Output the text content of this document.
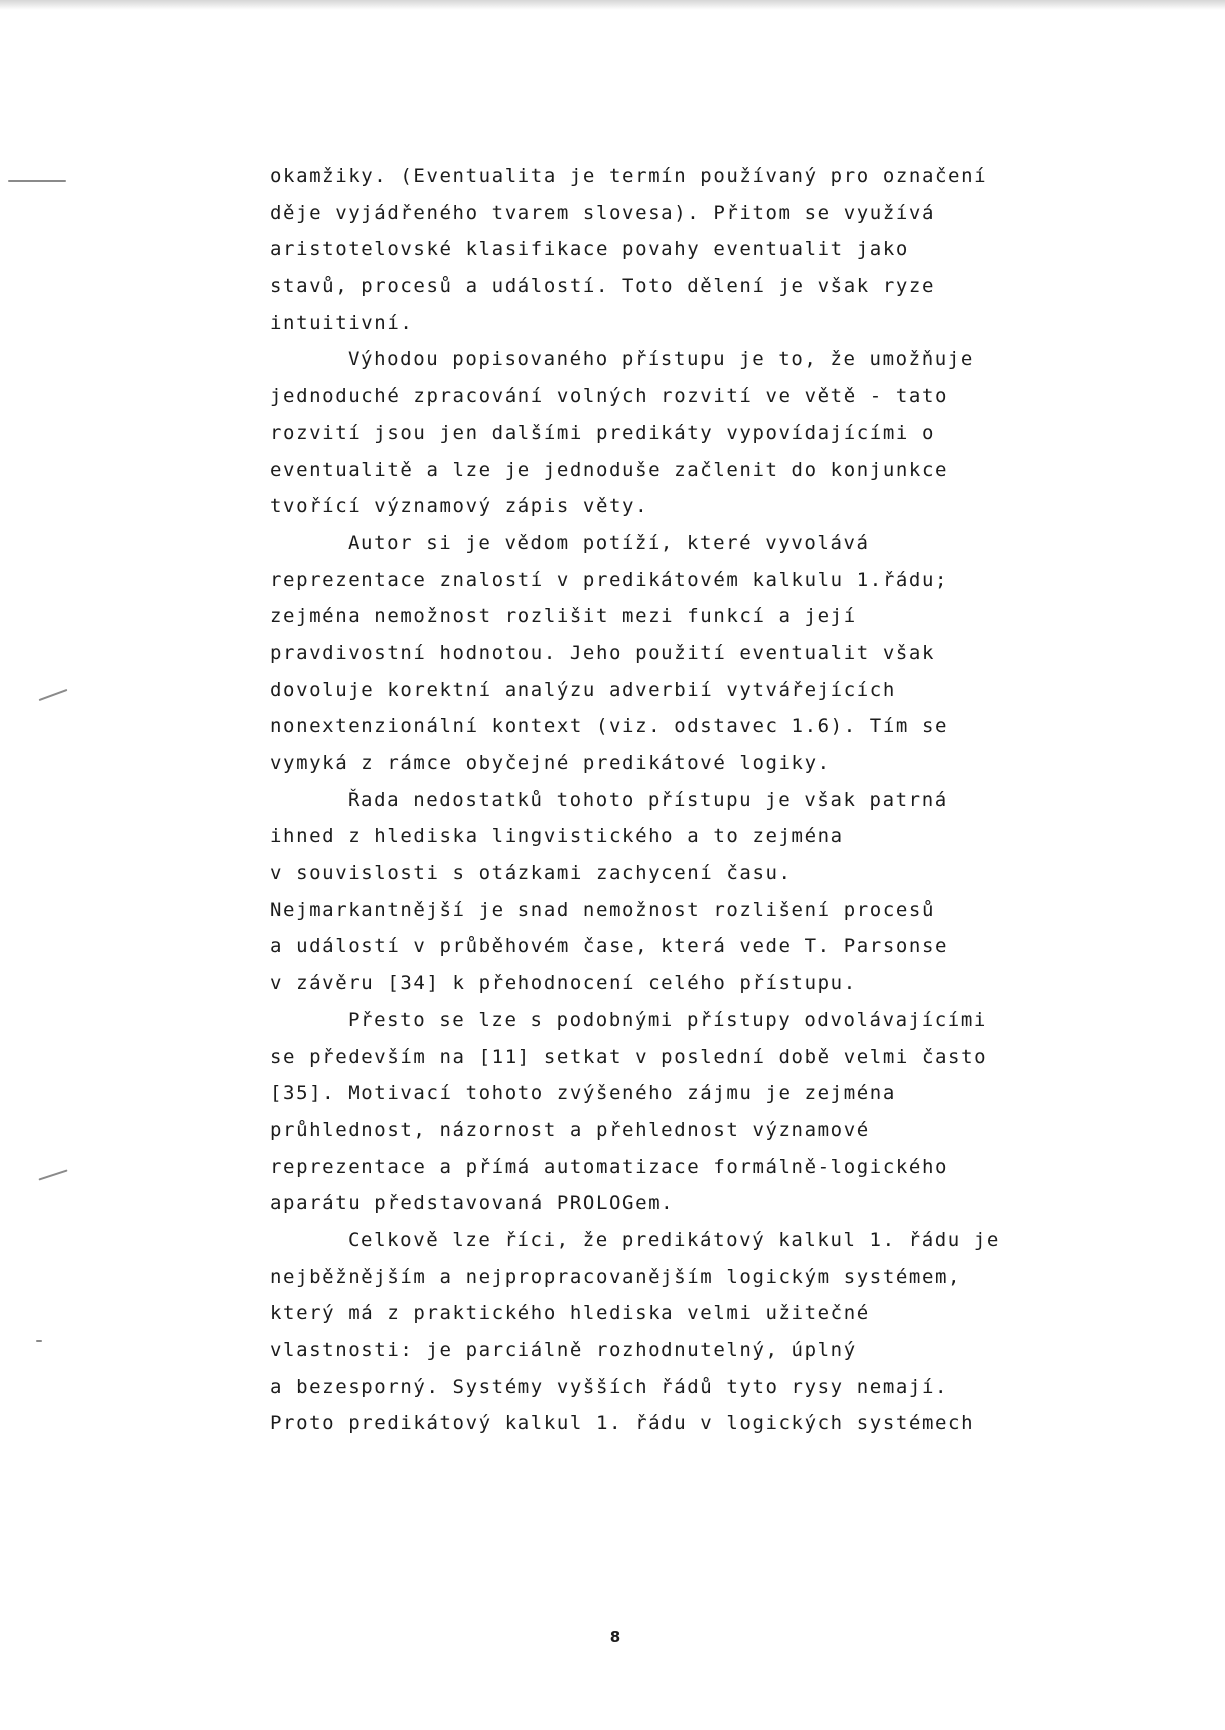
okamžiky. (Eventualita je termín používaný pro označení
děje vyjádřeného tvarem slovesa). Přitom se využívá
aristotelovské klasifikace povahy eventualit jako
stavů, procesů a událostí. Toto dělení je však ryze
intuitivní.
Výhodou popisovaného přístupu je to, že umožňuje
jednoduché zpracování volných rozvití ve větě - tato
rozvití jsou jen dalšími predikáty vypovídajícími o
eventualitě a lze je jednoduše začlenit do konjunkce
tvořící významový zápis věty.
Autor si je vědom potíží, které vyvolává
reprezentace znalostí v predikátovém kalkulu 1.řádu;
zejména nemožnost rozlišit mezi funkcí a její
pravdivostní hodnotou. Jeho použití eventualit však
dovoluje korektní analýzu adverbií vytvářejících
nonextenzionální kontext (viz. odstavec 1.6). Tím se
vymyká z rámce obyčejné predikátové logiky.
Řada nedostatků tohoto přístupu je však patrná
ihned z hlediska lingvistického a to zejména
v souvislosti s otázkami zachycení času.
Nejmarkantnější je snad nemožnost rozlišení procesů
a událostí v průběhovém čase, která vede T. Parsonse
v závěru [34] k přehodnocení celého přístupu.
Přesto se lze s podobnými přístupy odvolávajícími
se především na [11] setkat v poslední době velmi často
[35]. Motivací tohoto zvýšeného zájmu je zejména
průhlednost, názornost a přehlednost významové
reprezentace a přímá automatizace formálně-logického
aparátu představovaná PROLOGem.
Celkově lze říci, že predikátový kalkul 1. řádu je
nejběžnějším a nejpropracovanějším logickým systémem,
který má z praktického hlediska velmi užitečné
vlastnosti: je parciálně rozhodnutelný, úplný
a bezesporný. Systémy vyšších řádů tyto rysy nemají.
Proto predikátový kalkul 1. řádu v logických systémech
8
